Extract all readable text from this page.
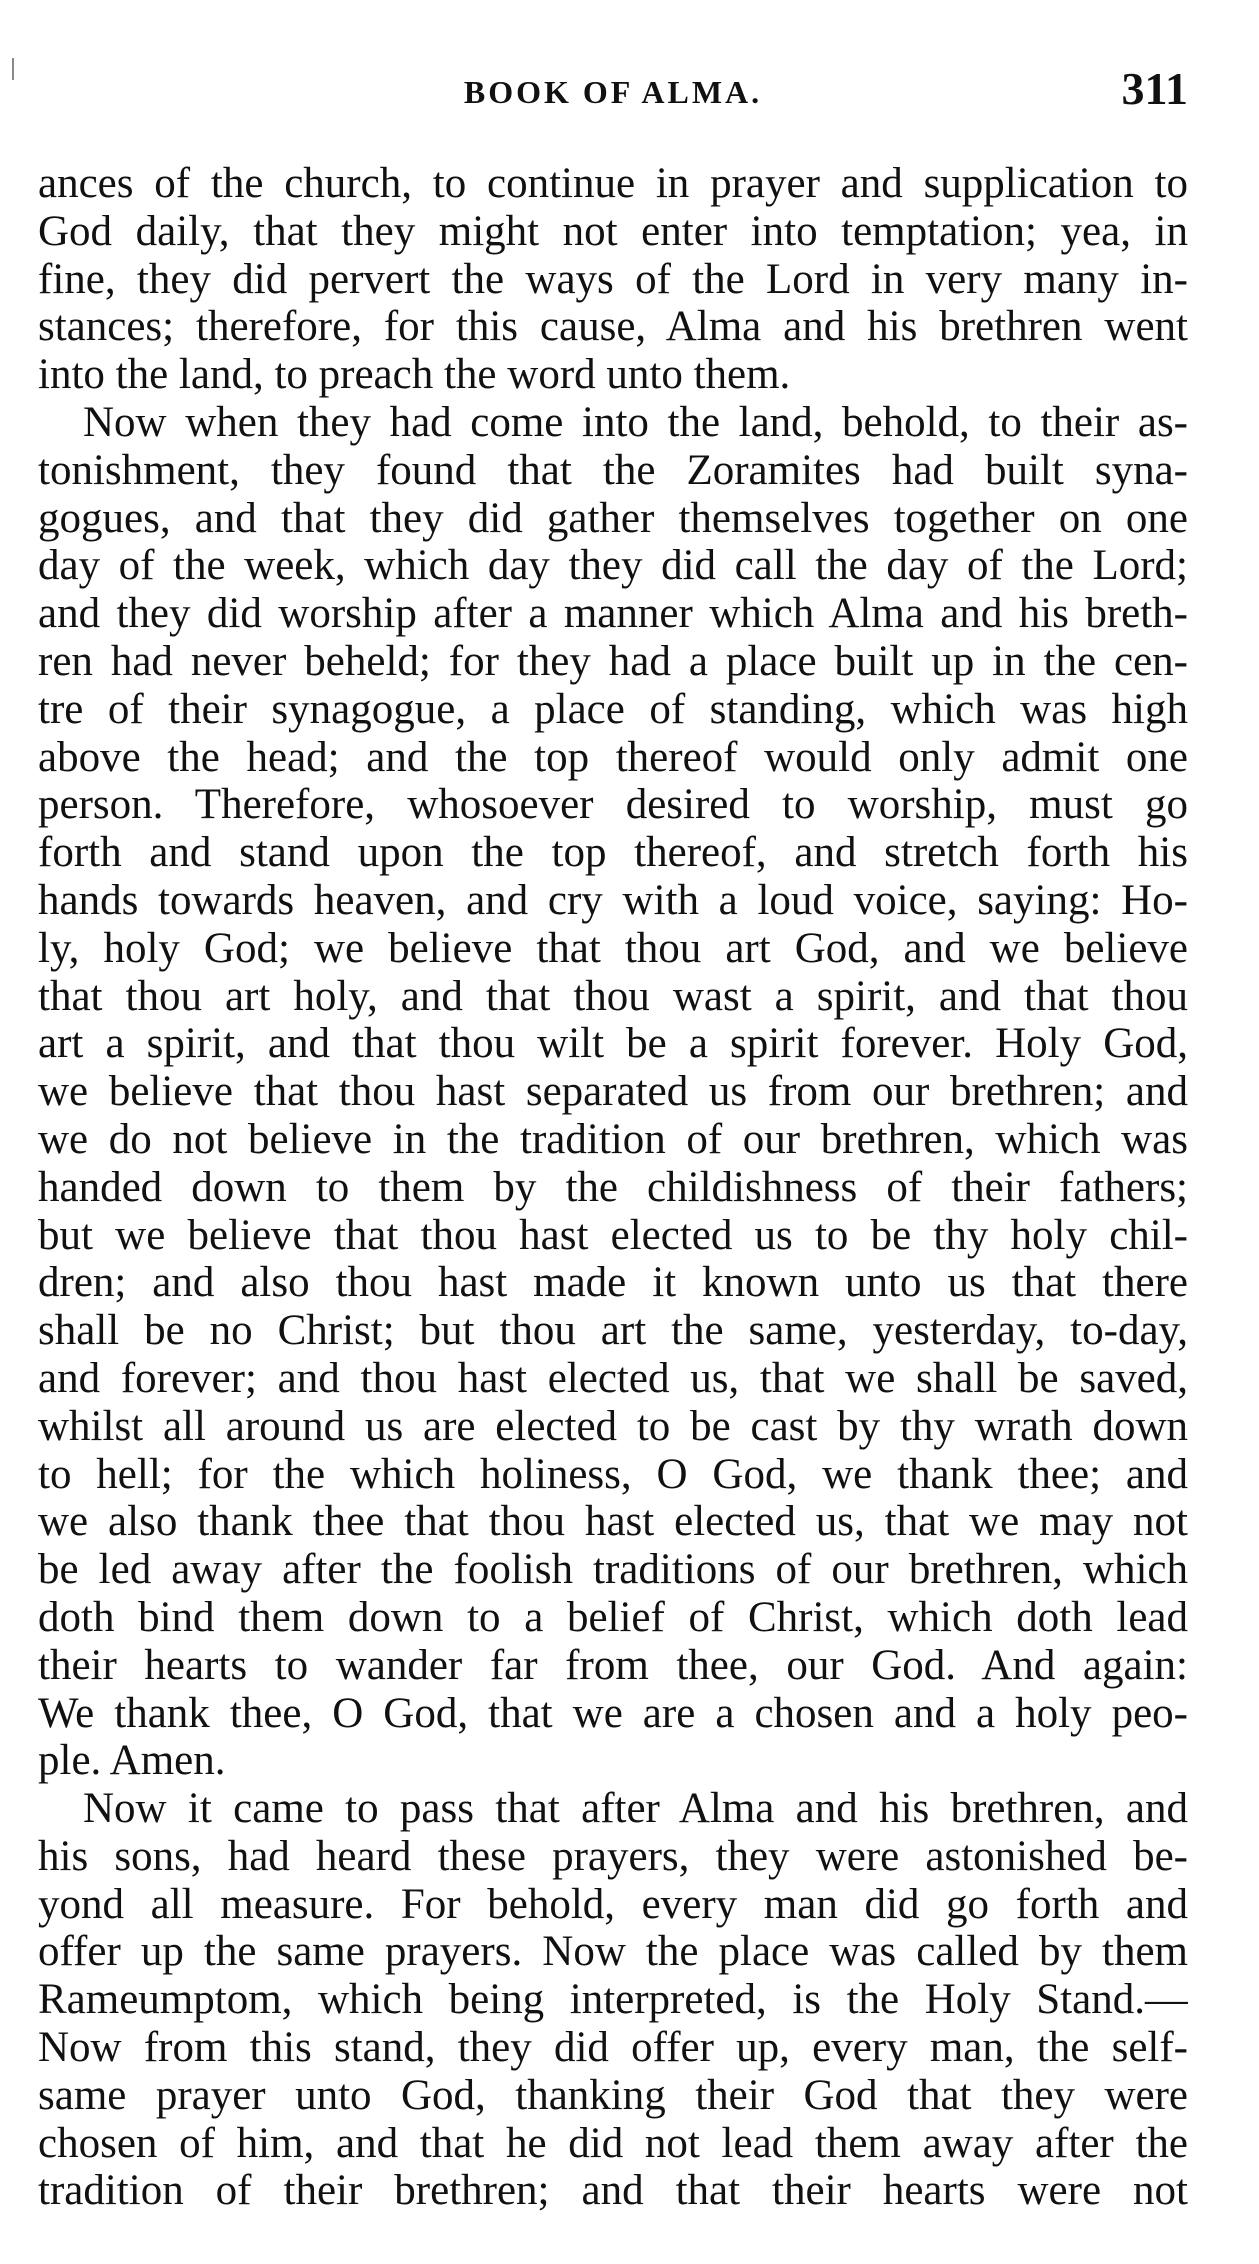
BOOK OF ALMA.	311
ances of the church, to continue in prayer and supplication to
God daily, that they might not enter into temptation; yea, in
fine, they did pervert the ways of the Lord in very many in-
stances; therefore, for this cause, Alma and his brethren went
into the land, to preach the word unto them.
Now when they had come into the land, behold, to their as-
tonishment, they found that the Zoramites had built syna-
gogues, and that they did gather themselves together on one
day of the week, which day they did call the day of the Lord;
and they did worship after a manner which Alma and his breth-
ren had never beheld; for they had a place built up in the cen-
tre of their synagogue, a place of standing, which was high
above the head; and the top thereof would only admit one
person. Therefore, whosoever desired to worship, must go
forth and stand upon the top thereof, and stretch forth his
hands towards heaven, and cry with a loud voice, saying: Ho-
ly, holy God; we believe that thou art God, and we believe
that thou art holy, and that thou wast a spirit, and that thou
art a spirit, and that thou wilt be a spirit forever. Holy God,
we believe that thou hast separated us from our brethren; and
we do not believe in the tradition of our brethren, which was
handed down to them by the childishness of their fathers;
but we believe that thou hast elected us to be thy holy chil-
dren; and also thou hast made it known unto us that there
shall be no Christ; but thou art the same, yesterday, to-day,
and forever; and thou hast elected us, that we shall be saved,
whilst all around us are elected to be cast by thy wrath down
to hell; for the which holiness, O God, we thank thee; and
we also thank thee that thou hast elected us, that we may not
be led away after the foolish traditions of our brethren, which
doth bind them down to a belief of Christ, which doth lead
their hearts to wander far from thee, our God. And again:
We thank thee, O God, that we are a chosen and a holy peo-
ple. Amen.
Now it came to pass that after Alma and his brethren, and
his sons, had heard these prayers, they were astonished be-
yond all measure. For behold, every man did go forth and
offer up the same prayers. Now the place was called by them
Rameumptom, which being interpreted, is the Holy Stand.—
Now from this stand, they did offer up, every man, the self-
same prayer unto God, thanking their God that they were
chosen of him, and that he did not lead them away after the
tradition of their brethren; and that their hearts were not
